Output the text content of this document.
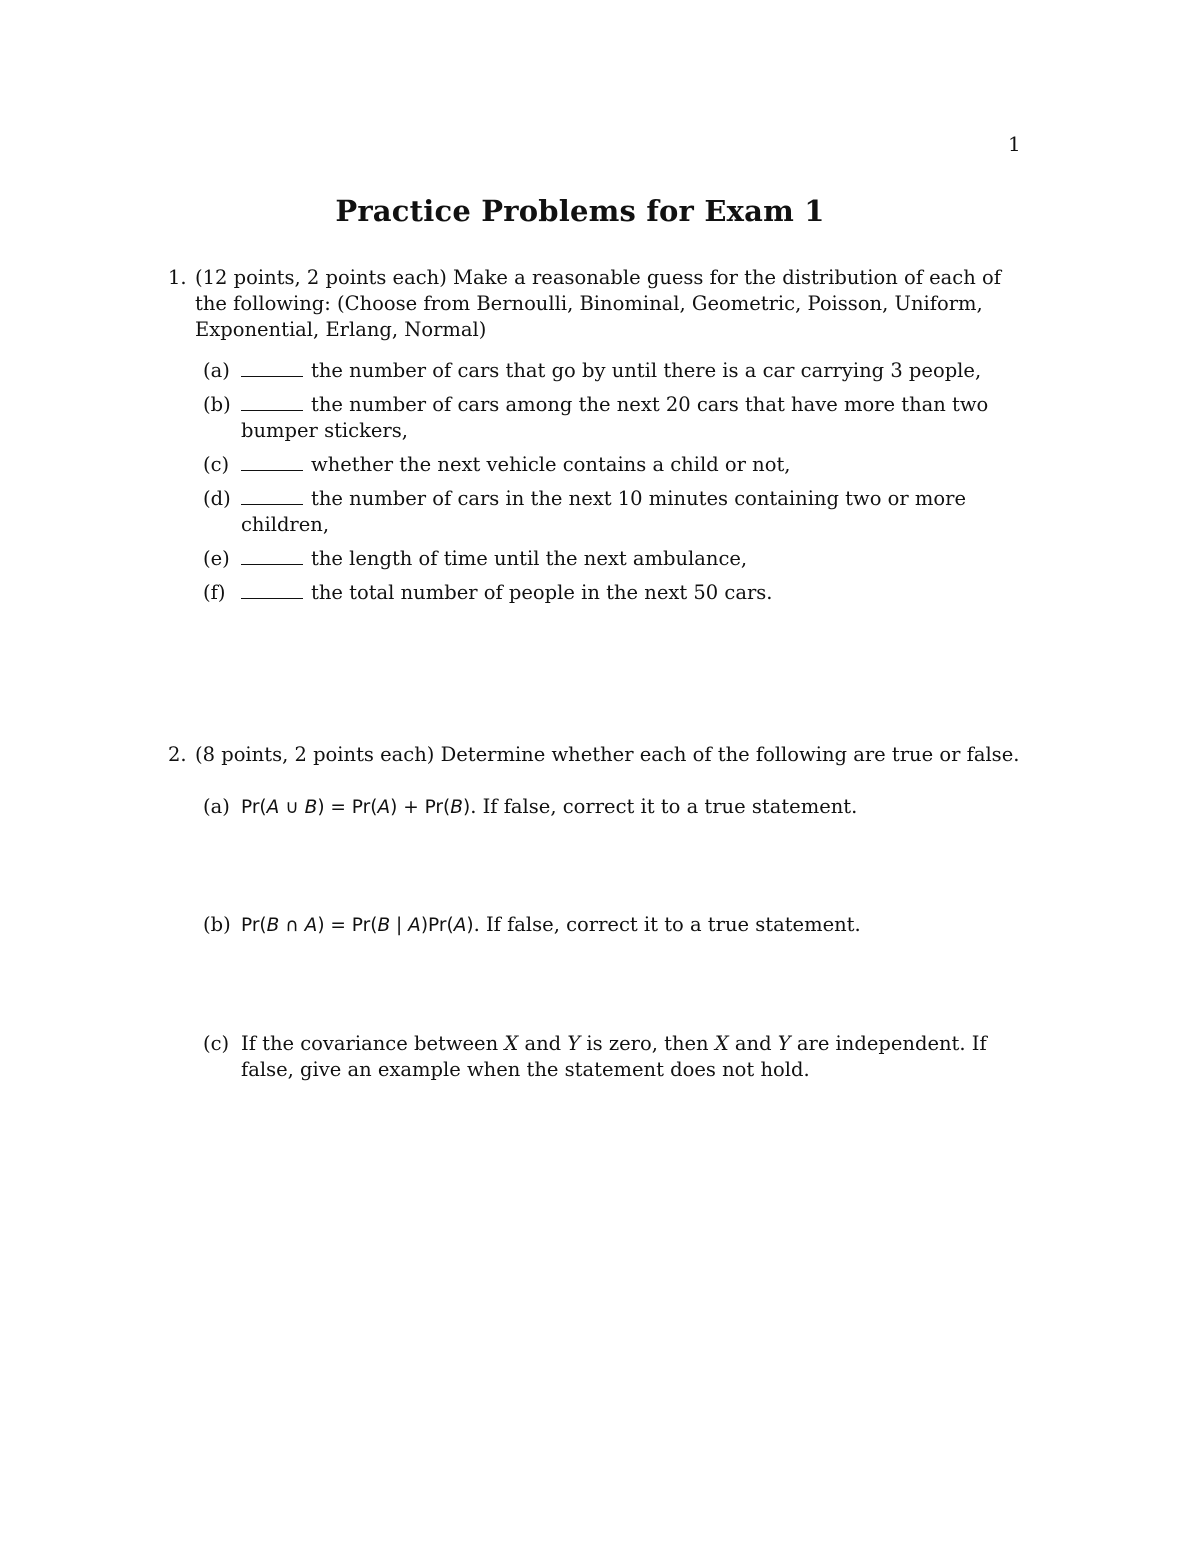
1
Practice Problems for Exam 1
1. (12 points, 2 points each) Make a reasonable guess for the distribution of each of the following: (Choose from Bernoulli, Binominal, Geometric, Poisson, Uniform, Exponential, Erlang, Normal)
(a)	the number of cars that go by until there is a car carrying 3 people,
(b)	the number of cars among the next 20 cars that have more than two bumper stickers,
(c)	whether the next vehicle contains a child or not,
(d)	the number of cars in the next 10 minutes containing two or more children,
(e)	the length of time until the next ambulance,
(f)	the total number of people in the next 50 cars.
2. (8 points, 2 points each) Determine whether each of the following are true or false.
(a) Pr(A ∪ B) = Pr(A) + Pr(B). If false, correct it to a true statement.
(b) Pr(B ∩ A) = Pr(B | A)Pr(A). If false, correct it to a true statement.
(c) If the covariance between X and Y is zero, then X and Y are independent. If false, give an example when the statement does not hold.
